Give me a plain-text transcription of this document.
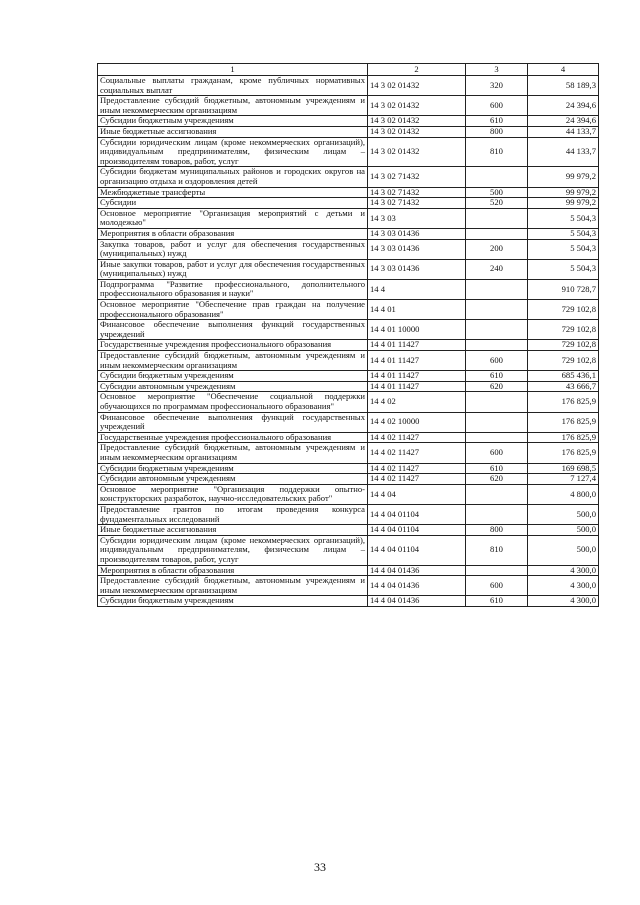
1	2	3	4
Социальные выплаты гражданам, кроме публичных нормативных социальных выплат	14 3 02 01432	320	58 189,3
Предоставление субсидий бюджетным, автономным учреждениям и иным некоммерческим организациям	14 3 02 01432	600	24 394,6
Субсидии бюджетным учреждениям	14 3 02 01432	610	24 394,6
Иные бюджетные ассигнования	14 3 02 01432	800	44 133,7
Субсидии юридическим лицам (кроме некоммерческих организаций), индивидуальным предпринимателям, физическим лицам – производителям товаров, работ, услуг	14 3 02 01432	810	44 133,7
Субсидии бюджетам муниципальных районов и городских округов на организацию отдыха и оздоровления детей	14 3 02 71432		99 979,2
Межбюджетные трансферты	14 3 02 71432	500	99 979,2
Субсидии	14 3 02 71432	520	99 979,2
Основное мероприятие "Организация мероприятий с детьми и молодежью"	14 3 03		5 504,3
Мероприятия в области образования	14 3 03 01436		5 504,3
Закупка товаров, работ и услуг для обеспечения государственных (муниципальных) нужд	14 3 03 01436	200	5 504,3
Иные закупки товаров, работ и услуг для обеспечения государственных (муниципальных) нужд	14 3 03 01436	240	5 504,3
Подпрограмма "Развитие профессионального, дополнительного профессионального образования и науки"	14 4		910 728,7
Основное мероприятие "Обеспечение прав граждан на получение профессионального образования"	14 4 01		729 102,8
Финансовое обеспечение выполнения функций государственных учреждений	14 4 01 10000		729 102,8
Государственные учреждения профессионального образования	14 4 01 11427		729 102,8
Предоставление субсидий бюджетным, автономным учреждениям и иным некоммерческим организациям	14 4 01 11427	600	729 102,8
Субсидии бюджетным учреждениям	14 4 01 11427	610	685 436,1
Субсидии автономным учреждениям	14 4 01 11427	620	43 666,7
Основное мероприятие "Обеспечение социальной поддержки обучающихся по программам профессионального образования"	14 4 02		176 825,9
Финансовое обеспечение выполнения функций государственных учреждений	14 4 02 10000		176 825,9
Государственные учреждения профессионального образования	14 4 02 11427		176 825,9
Предоставление субсидий бюджетным, автономным учреждениям и иным некоммерческим организациям	14 4 02 11427	600	176 825,9
Субсидии бюджетным учреждениям	14 4 02 11427	610	169 698,5
Субсидии автономным учреждениям	14 4 02 11427	620	7 127,4
Основное мероприятие "Организация поддержки опытно-конструкторских разработок, научно-исследовательских работ"	14 4 04		4 800,0
Предоставление грантов по итогам проведения конкурса фундаментальных исследований	14 4 04 01104		500,0
Иные бюджетные ассигнования	14 4 04 01104	800	500,0
Субсидии юридическим лицам (кроме некоммерческих организаций), индивидуальным предпринимателям, физическим лицам – производителям товаров, работ, услуг	14 4 04 01104	810	500,0
Мероприятия в области образования	14 4 04 01436		4 300,0
Предоставление субсидий бюджетным, автономным учреждениям и иным некоммерческим организациям	14 4 04 01436	600	4 300,0
Субсидии бюджетным учреждениям	14 4 04 01436	610	4 300,0
33
